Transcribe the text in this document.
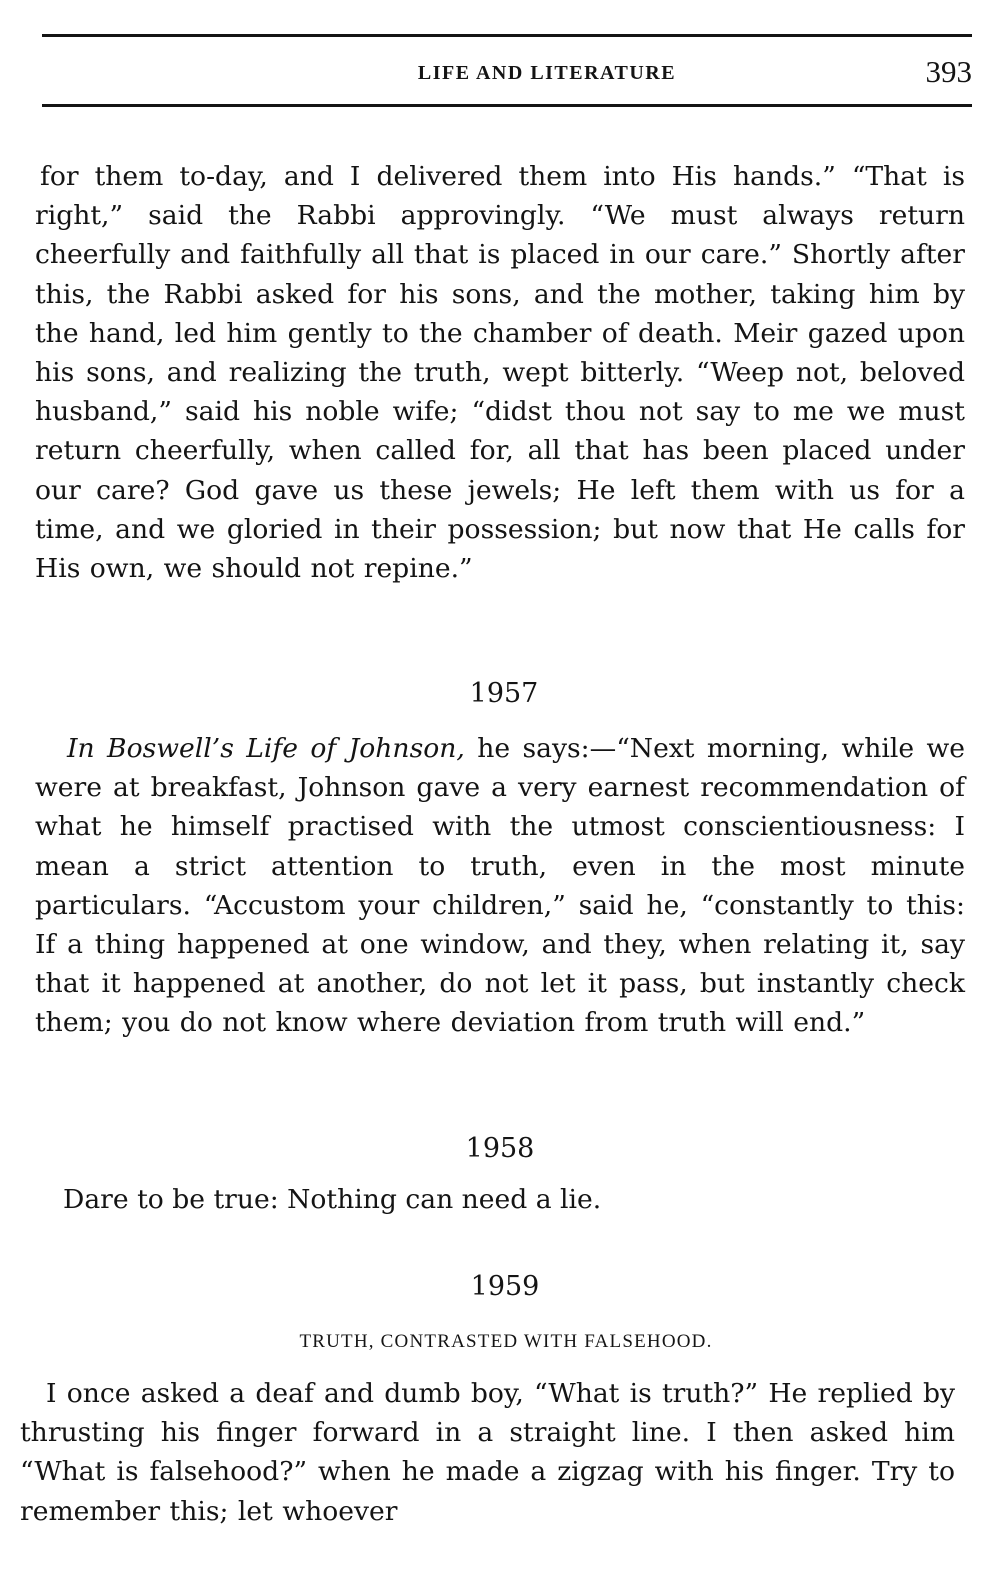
LIFE AND LITERATURE	393

for them to-day, and I delivered them into His hands.” “That is right,” said the Rabbi approvingly. “We must always return cheerfully and faithfully all that is placed in our care.” Shortly after this, the Rabbi asked for his sons, and the mother, taking him by the hand, led him gently to the chamber of death. Meir gazed upon his sons, and realizing the truth, wept bitterly. “Weep not, beloved husband,” said his noble wife; “didst thou not say to me we must return cheerfully, when called for, all that has been placed under our care? God gave us these jewels; He left them with us for a time, and we gloried in their possession; but now that He calls for His own, we should not repine.”

1957

In Boswell’s Life of Johnson, he says:—“Next morning, while we were at breakfast, Johnson gave a very earnest recommendation of what he himself practised with the utmost conscientiousness: I mean a strict attention to truth, even in the most minute particulars. “Accustom your children,” said he, “constantly to this: If a thing happened at one window, and they, when relating it, say that it happened at another, do not let it pass, but instantly check them; you do not know where deviation from truth will end.”

1958
Dare to be true: Nothing can need a lie.
1959
TRUTH, CONTRASTED WITH FALSEHOOD.

I once asked a deaf and dumb boy, “What is truth?” He replied by thrusting his finger forward in a straight line. I then asked him “What is falsehood?” when he made a zigzag with his finger. Try to remember this; let whoever
